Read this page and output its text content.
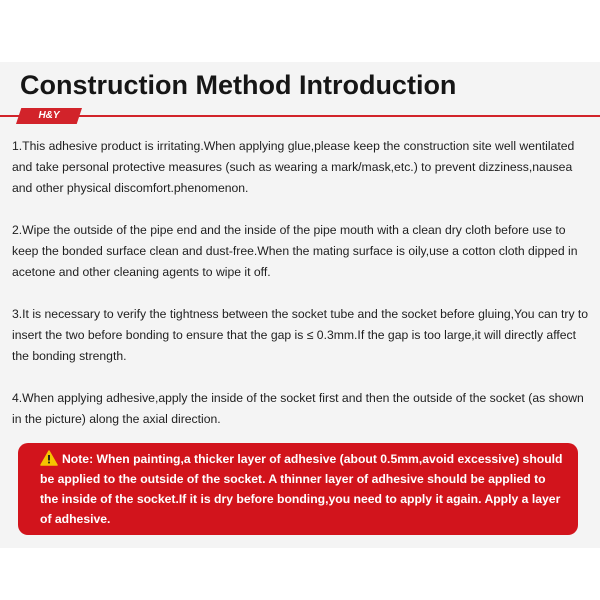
Construction Method Introduction
H&Y

1.This adhesive product is irritating.When applying glue,please keep the construction site well wentilated and take personal protective measures (such as wearing a mark/mask,etc.) to prevent dizziness,nausea and other physical discomfort.phenomenon.

2.Wipe the outside of the pipe end and the inside of the pipe mouth with a clean dry cloth before use to keep the bonded surface clean and dust-free.When the mating surface is oily,use a cotton cloth dipped in acetone and other cleaning agents to wipe it off.

3.It is necessary to verify the tightness between the socket tube and the socket before gluing,You can try to insert the two before bonding to ensure that the gap is ≤ 0.3mm.If the gap is too large,it will directly affect the bonding strength.

4.When applying adhesive,apply the inside of the socket first and then the outside of the socket (as shown in the picture) along the axial direction.

Note: When painting,a thicker layer of adhesive (about 0.5mm,avoid excessive) should be applied to the outside of the socket. A thinner layer of adhesive should be applied to the inside of the socket.If it is dry before bonding,you need to apply it again. Apply a layer of adhesive.
